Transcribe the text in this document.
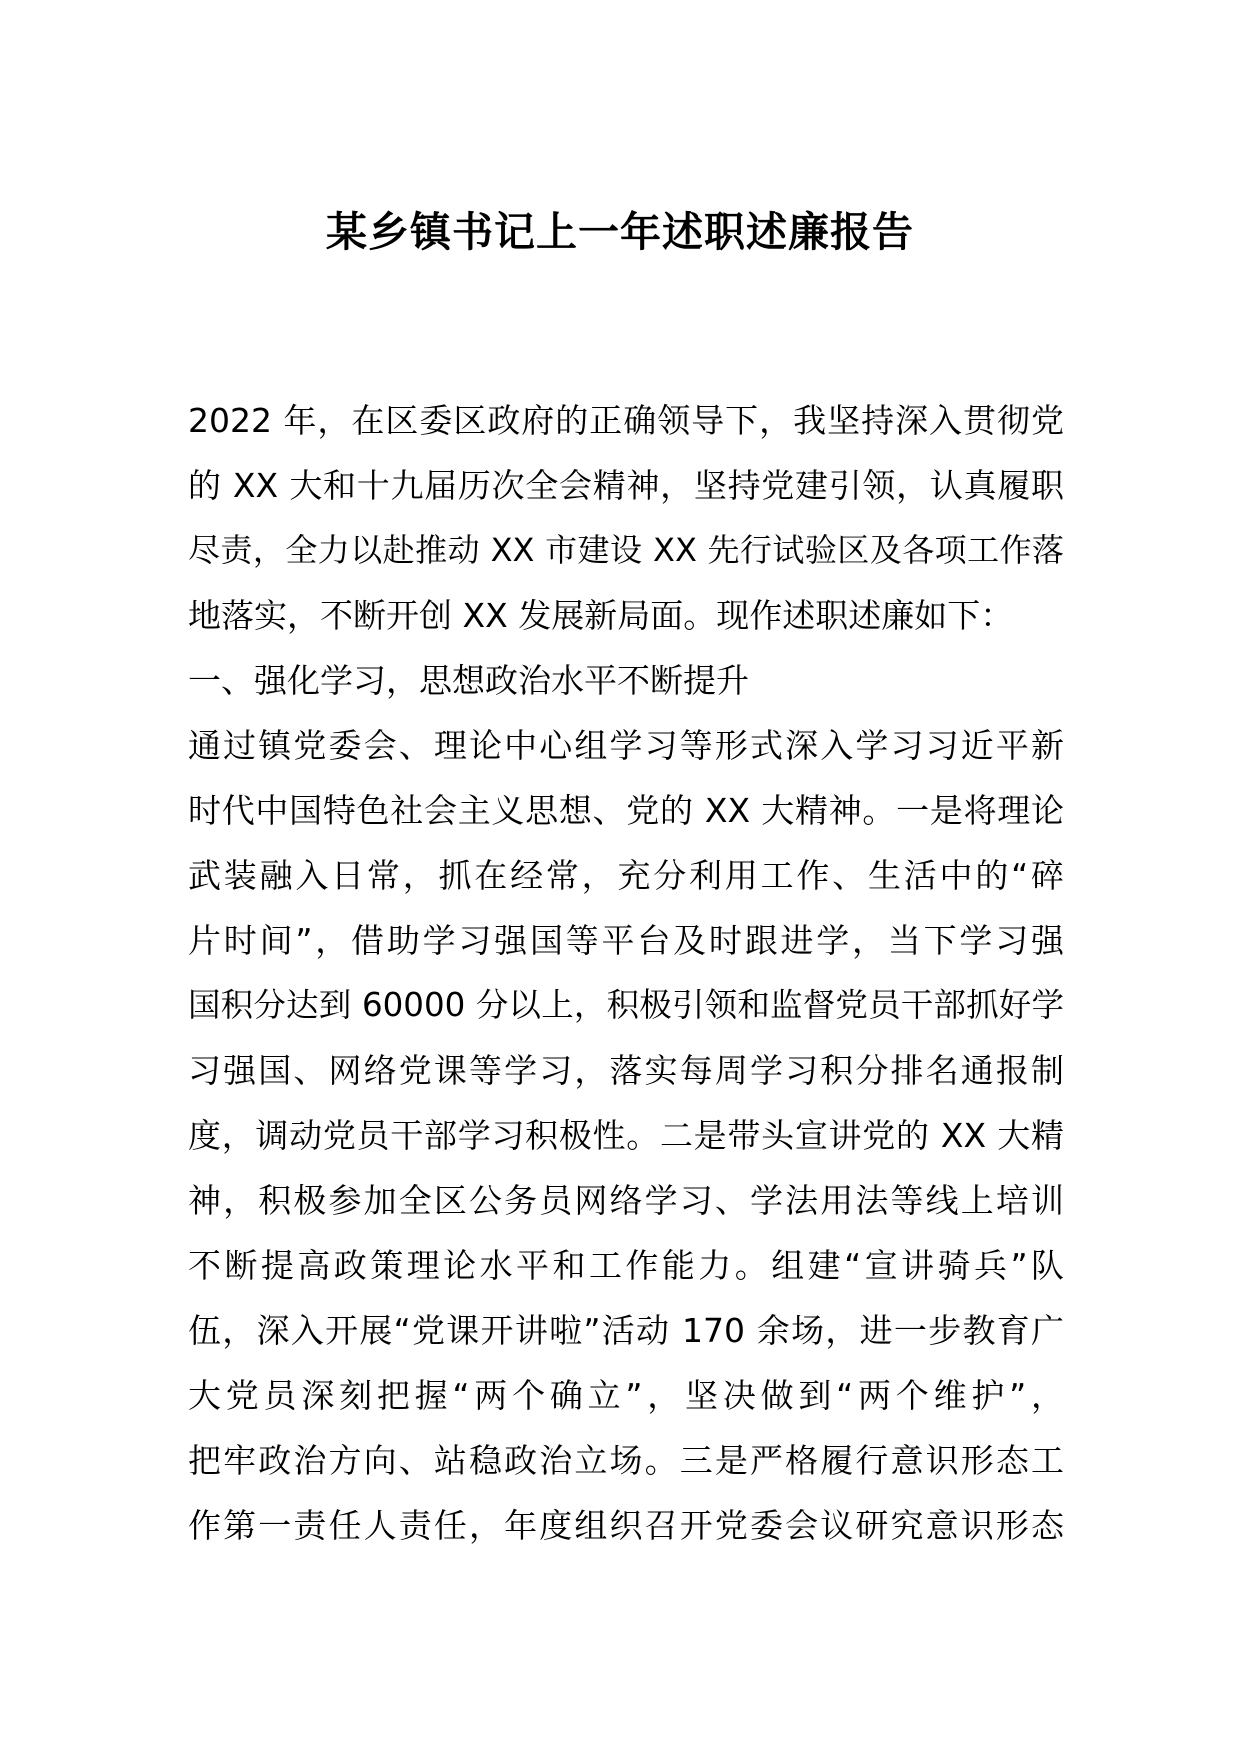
某乡镇书记上一年述职述廉报告
2022 年，在区委区政府的正确领导下，我坚持深入贯彻党
的 XX 大和十九届历次全会精神，坚持党建引领，认真履职
尽责，全力以赴推动 XX 市建设 XX 先行试验区及各项工作落
地落实，不断开创 XX 发展新局面。现作述职述廉如下：
一、强化学习，思想政治水平不断提升
通过镇党委会、理论中心组学习等形式深入学习习近平新
时代中国特色社会主义思想、党的 XX 大精神。一是将理论
武装融入日常，抓在经常，充分利用工作、生活中的“碎
片时间”，借助学习强国等平台及时跟进学，当下学习强
国积分达到 60000 分以上，积极引领和监督党员干部抓好学
习强国、网络党课等学习，落实每周学习积分排名通报制
度，调动党员干部学习积极性。二是带头宣讲党的 XX 大精
神，积极参加全区公务员网络学习、学法用法等线上培训
不断提高政策理论水平和工作能力。组建“宣讲骑兵”队
伍，深入开展“党课开讲啦”活动 170 余场，进一步教育广
大党员深刻把握“两个确立”，坚决做到“两个维护”，
把牢政治方向、站稳政治立场。三是严格履行意识形态工
作第一责任人责任，年度组织召开党委会议研究意识形态
